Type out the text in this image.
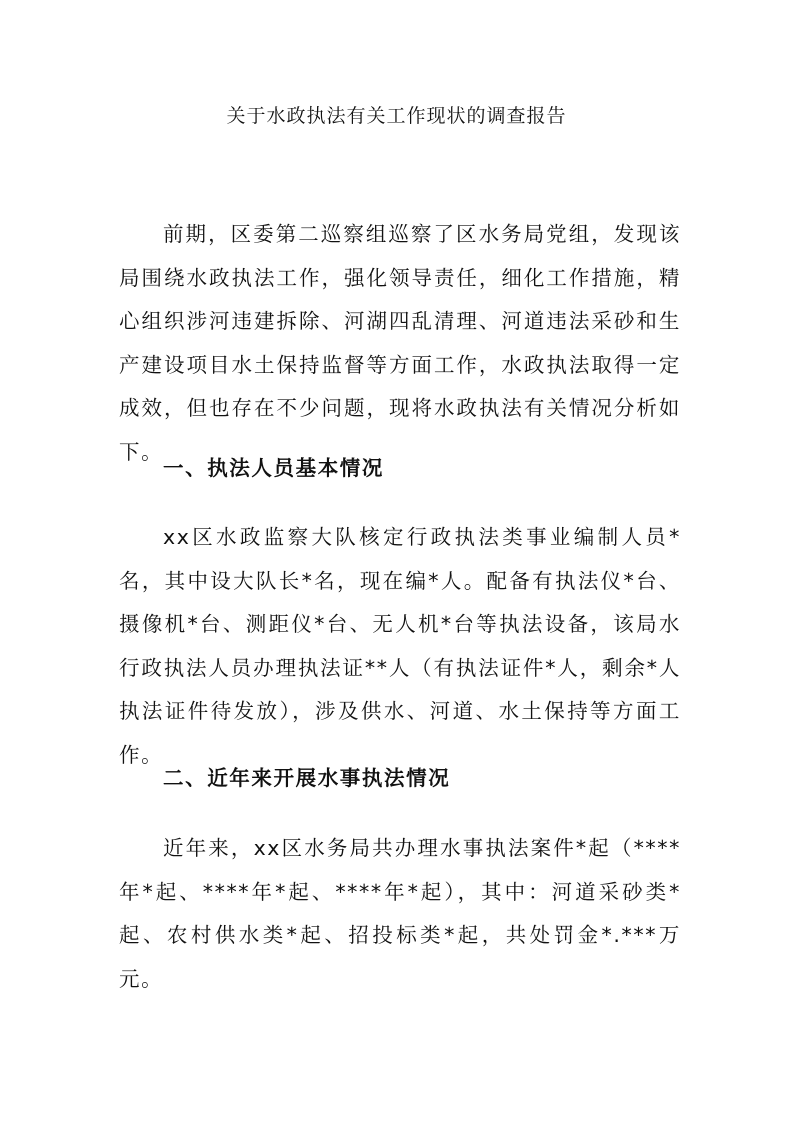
关于水政执法有关工作现状的调查报告

前期，区委第二巡察组巡察了区水务局党组，发现该局围绕水政执法工作，强化领导责任，细化工作措施，精心组织涉河违建拆除、河湖四乱清理、河道违法采砂和生产建设项目水土保持监督等方面工作，水政执法取得一定成效，但也存在不少问题，现将水政执法有关情况分析如下。

一、执法人员基本情况

xx区水政监察大队核定行政执法类事业编制人员*名，其中设大队长*名，现在编*人。配备有执法仪*台、摄像机*台、测距仪*台、无人机*台等执法设备，该局水行政执法人员办理执法证**人（有执法证件*人，剩余*人执法证件待发放），涉及供水、河道、水土保持等方面工作。

二、近年来开展水事执法情况

近年来，xx区水务局共办理水事执法案件*起（****年*起、****年*起、****年*起），其中：河道采砂类*起、农村供水类*起、招投标类*起，共处罚金*.***万元。
